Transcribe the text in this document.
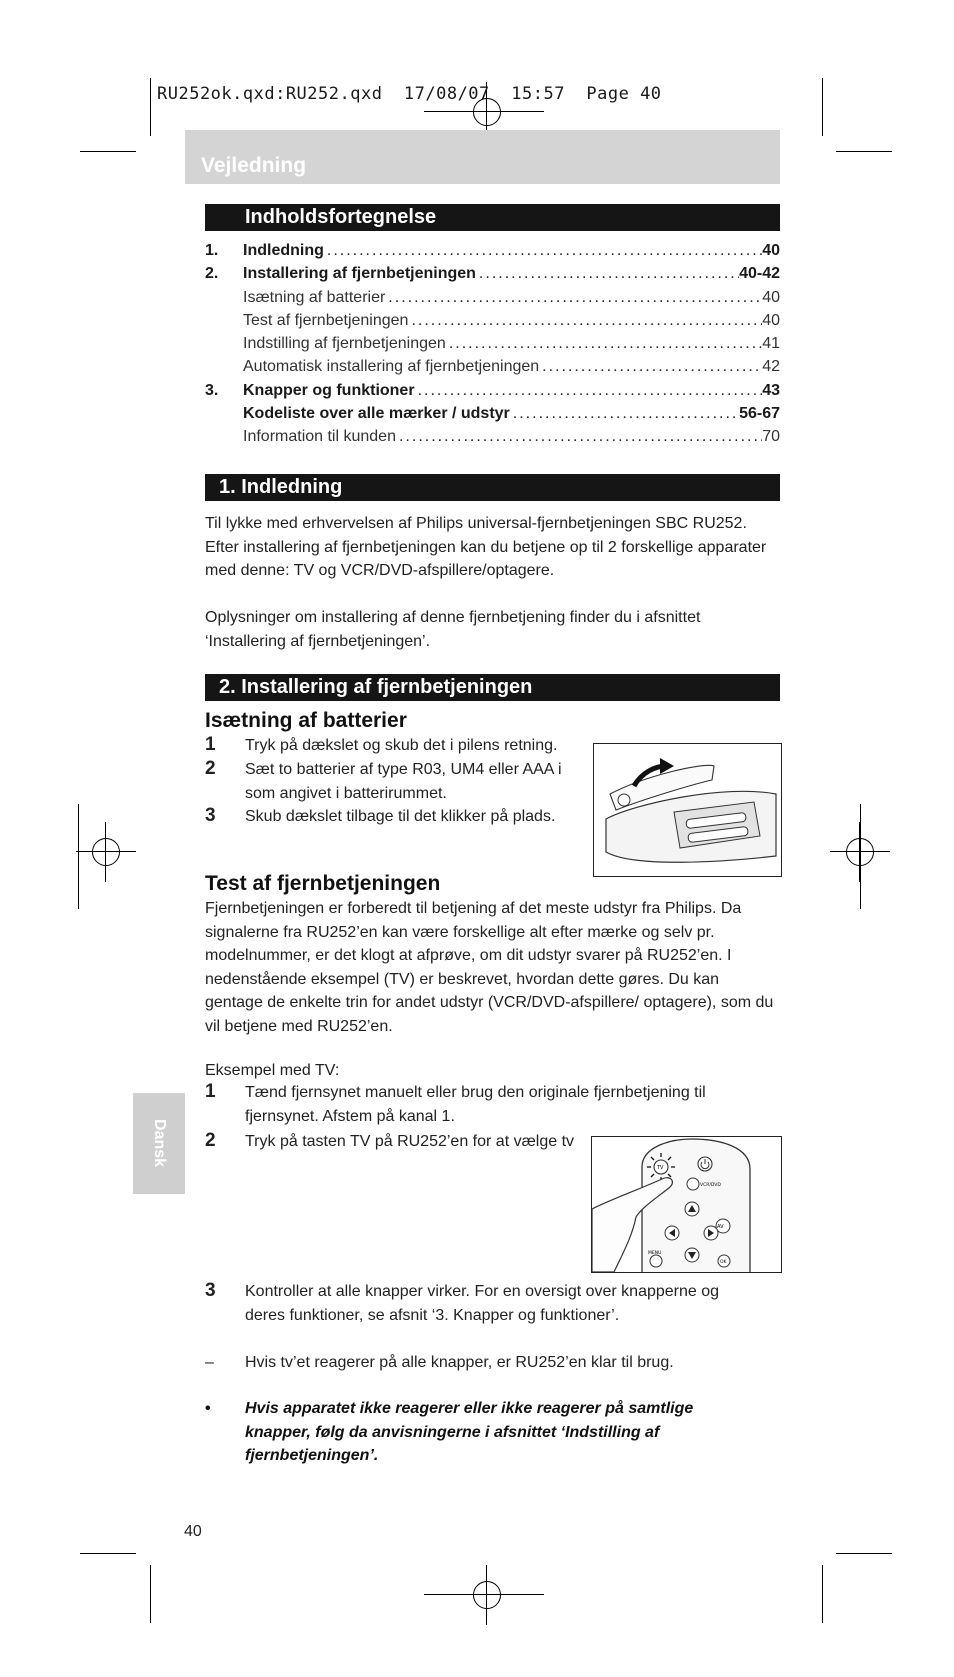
RU252ok.qxd:RU252.qxd  17/08/07  15:57  Page 40
Vejledning
Indholdsfortegnelse
1.	Indledning .....	40
2.	Installering af fjernbetjeningen .....	40-42
Isætning af batterier .....	40
Test af fjernbetjeningen .....	40
Indstilling af fjernbetjeningen .....	41
Automatisk installering af fjernbetjeningen .....	42
3.	Knapper og funktioner .....	43
Kodeliste over alle mærker / udstyr .....	56-67
Information til kunden .....	70
1. Indledning
Til lykke med erhvervelsen af Philips universal-fjernbetjeningen SBC RU252. Efter installering af fjernbetjeningen kan du betjene op til 2 forskellige apparater med denne: TV og VCR/DVD-afspillere/optagere.
Oplysninger om installering af denne fjernbetjening finder du i afsnittet ‘Installering af fjernbetjeningen’.
2. Installering af fjernbetjeningen
Isætning af batterier
1 Tryk på dækslet og skub det i pilens retning.
2 Sæt to batterier af type R03, UM4 eller AAA i som angivet i batterirummet.
3 Skub dækslet tilbage til det klikker på plads.
Test af fjernbetjeningen
Fjernbetjeningen er forberedt til betjening af det meste udstyr fra Philips. Da signalerne fra RU252’en kan være forskellige alt efter mærke og selv pr. modelnummer, er det klogt at afprøve, om dit udstyr svarer på RU252’en. I nedenstående eksempel (TV) er beskrevet, hvordan dette gøres. Du kan gentage de enkelte trin for andet udstyr (VCR/DVD-afspillere/ optagere), som du vil betjene med RU252’en.
Eksempel med TV:
1 Tænd fjernsynet manuelt eller brug den originale fjernbetjening til fjernsynet. Afstem på kanal 1.
2 Tryk på tasten TV på RU252’en for at vælge tv
TV
VCR/DVD
AV
MENU
OK
3 Kontroller at alle knapper virker. For en oversigt over knapperne og deres funktioner, se afsnit ‘3. Knapper og funktioner’.
– Hvis tv’et reagerer på alle knapper, er RU252’en klar til brug.
• Hvis apparatet ikke reagerer eller ikke reagerer på samtlige knapper, følg da anvisningerne i afsnittet ‘Indstilling af fjernbetjeningen’.
Dansk
40
